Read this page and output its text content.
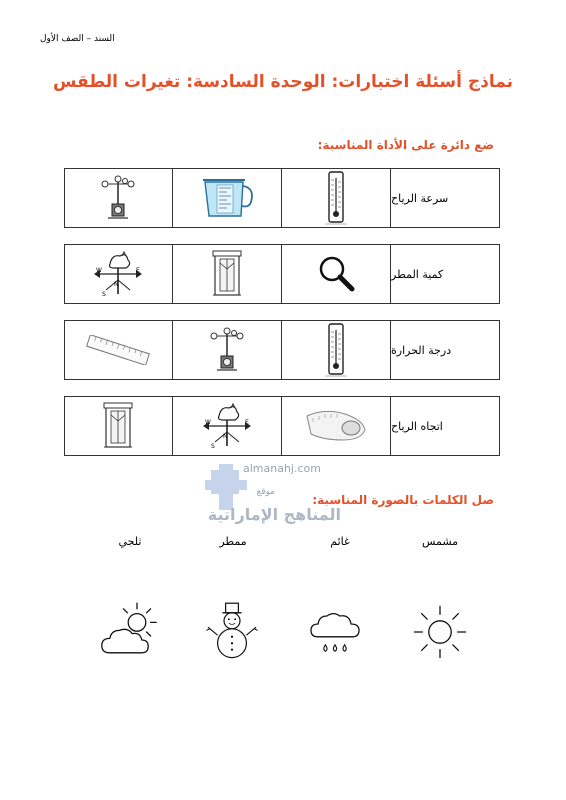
السند – الصف الأول
نماذج أسئلة اختبارات: الوحدة السادسة: تغيرات الطقس
ضع دائرة على الأداة المناسبة:
سرعة الرياح
كمية المطر
درجة الحرارة
اتجاه الرياح
almanahj.com
موقع
المناهج الإماراتية
صل الكلمات بالصورة المناسبة:
مشمس
غائم
ممطر
ثلجي
